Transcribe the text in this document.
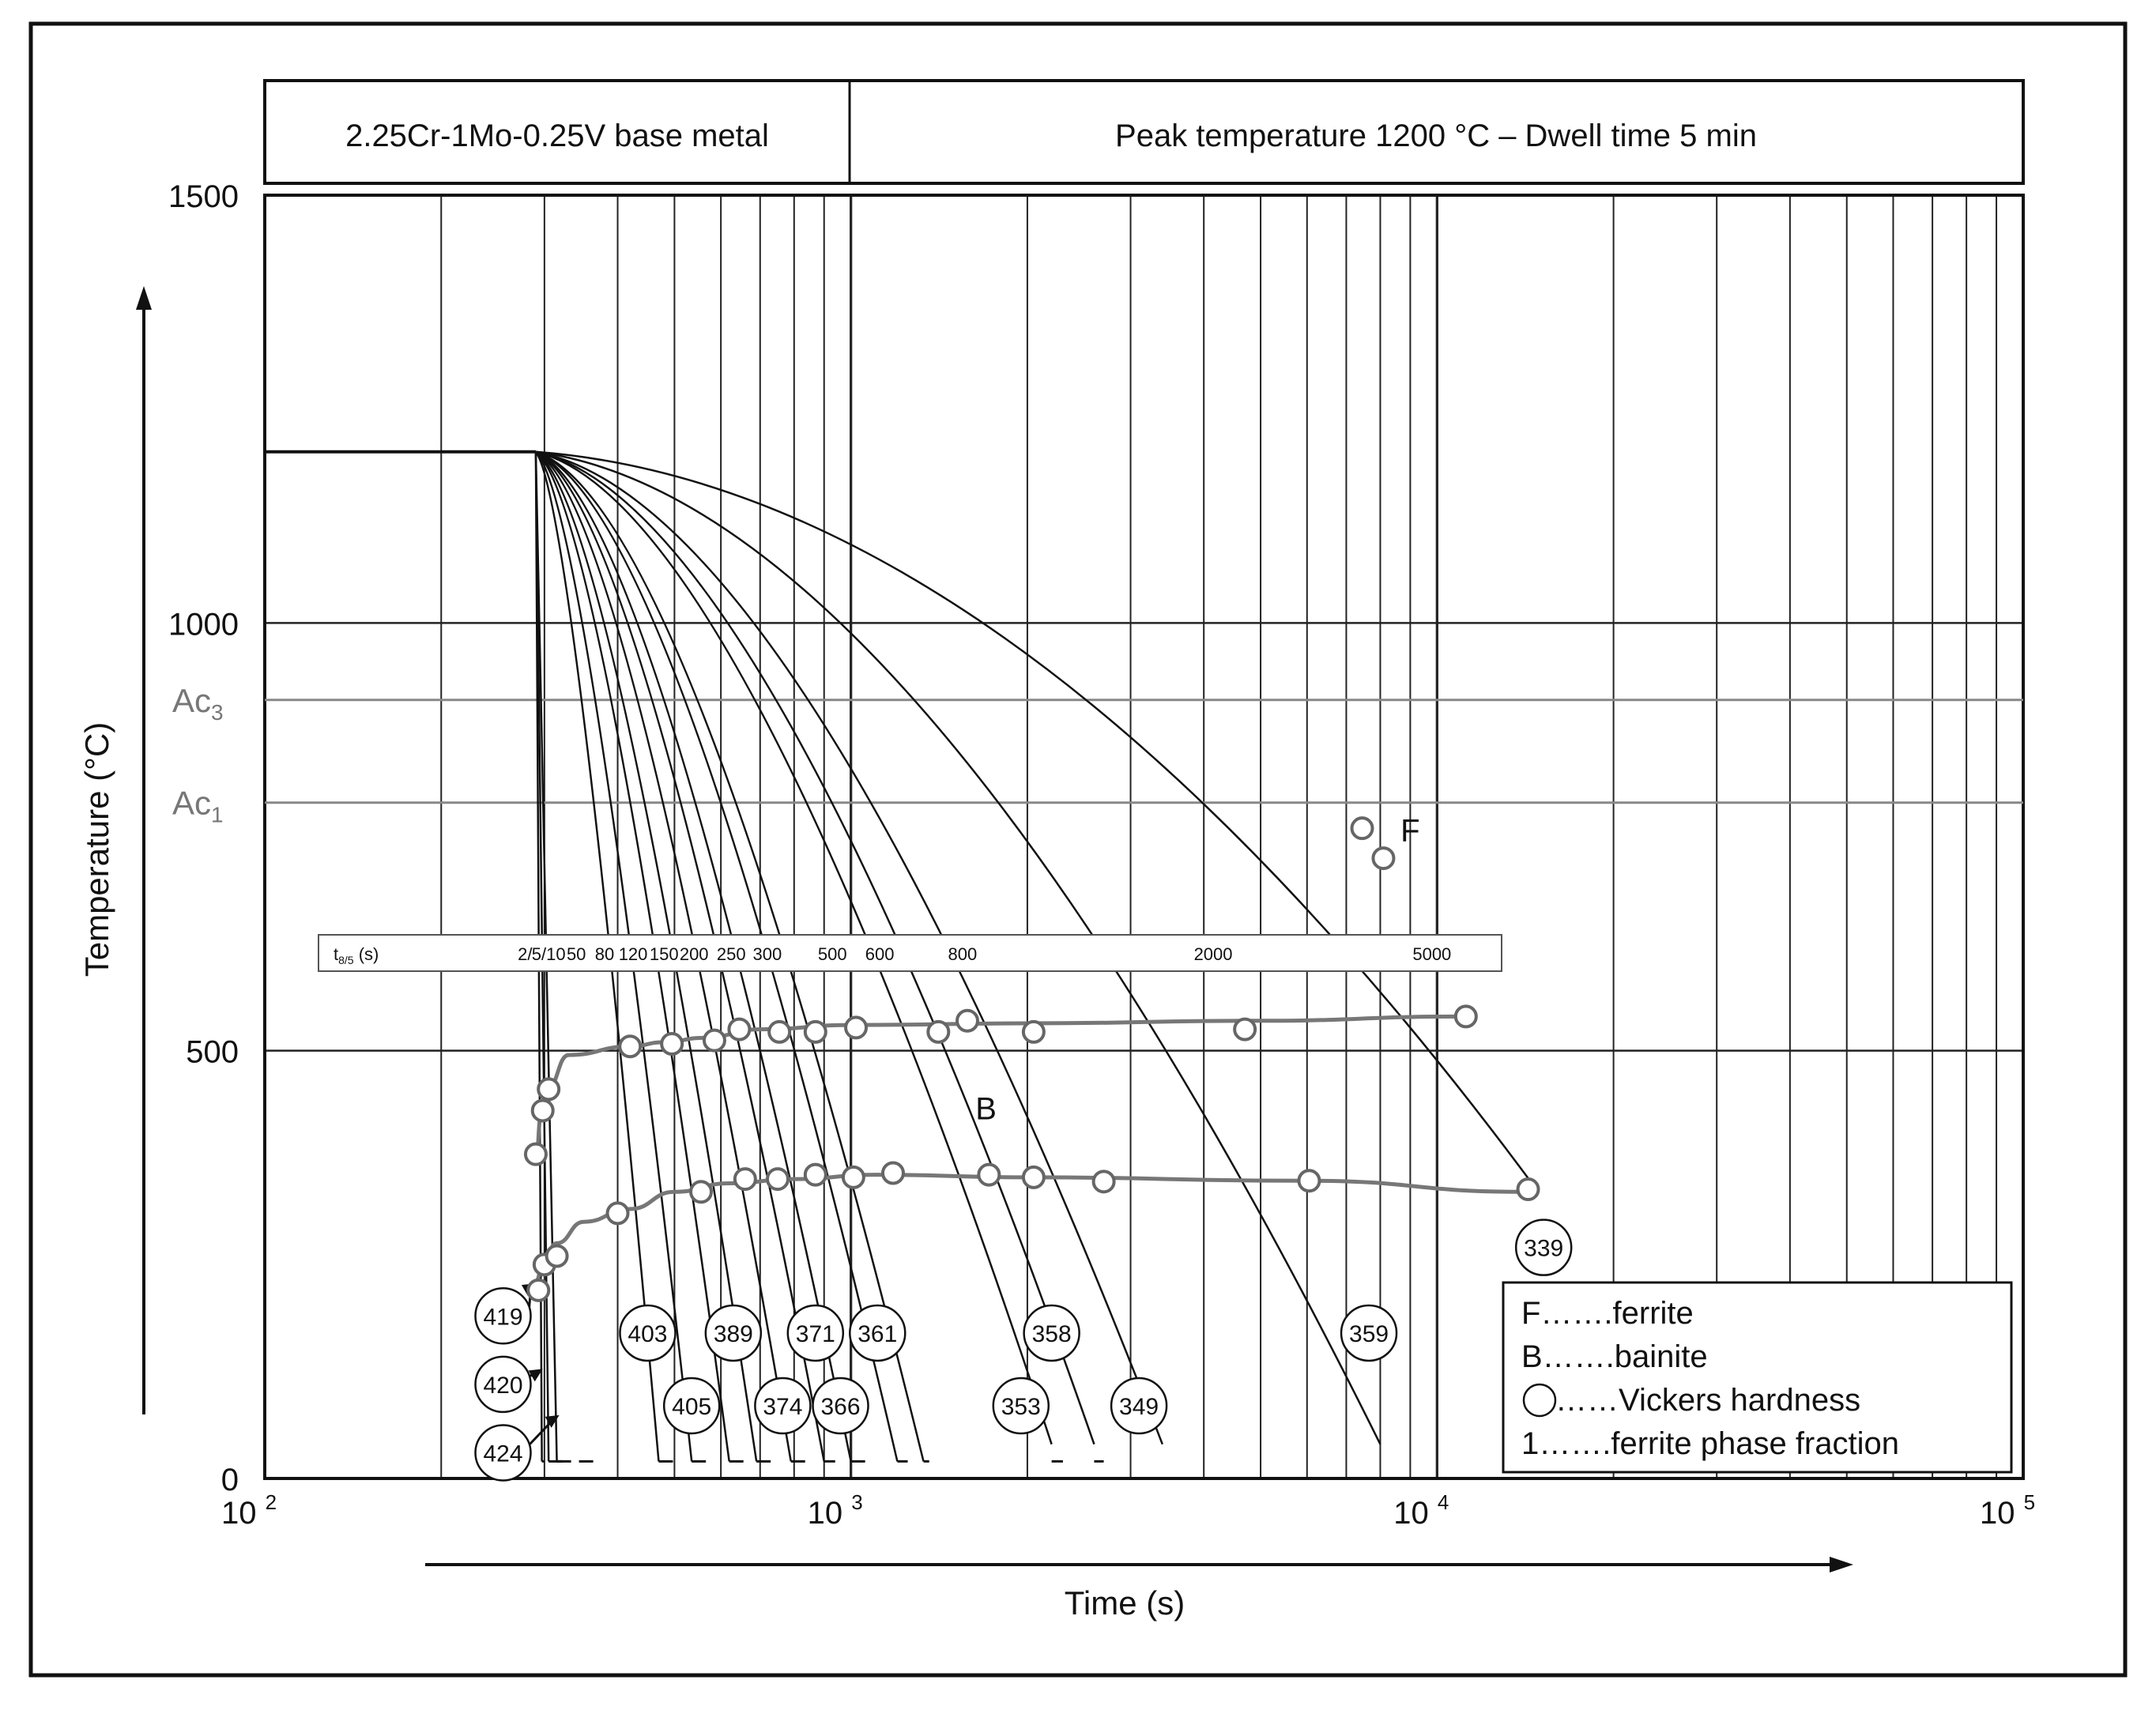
2.25Cr-1Mo-0.25V base metal	Peak temperature 1200 °C – Dwell time 5 min
$Ac_3$
$Ac_1$
0
500
1000
1500
10 $^2$	10 $^3$	10 $^4$	10 $^5$
$t_{8/5}$ (s)	2/ 5/10 50 80 120 150 200 250 300 500 600	800	2000	5000
419
420
424
403 389 371 361	358	359
339
405 374 366	353	349
F
B
F…….ferrite
B…….bainite
……Vickers hardness
1…….ferrite phase fraction
Temperature (°C)
Time (s)
